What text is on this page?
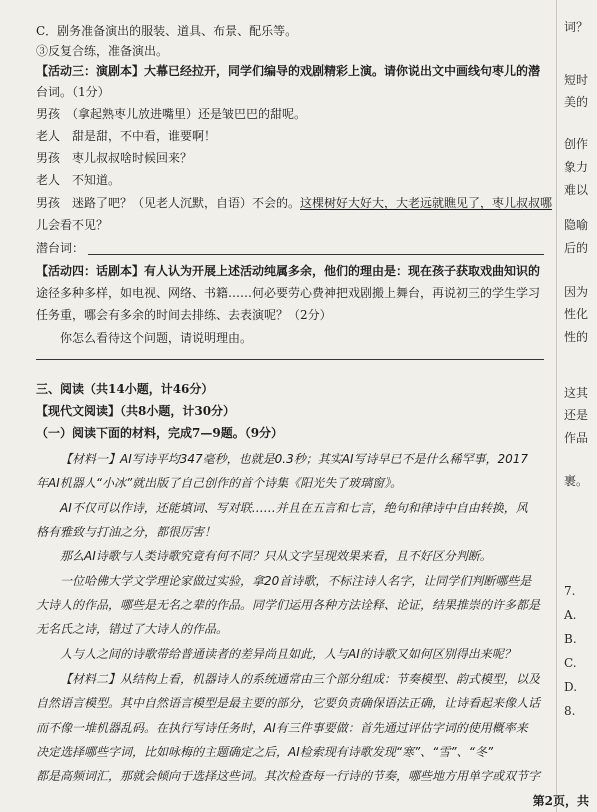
C．剧务准备演出的服装、道具、布景、配乐等。
③反复合练，准备演出。
【活动三：演剧本】大幕已经拉开，同学们编导的戏剧精彩上演。请你说出文中画线句枣儿的潜
台词。（1分）
男孩　（拿起熟枣儿放进嘴里）还是皱巴巴的甜呢。
老人　甜是甜，不中看，谁要啊！
男孩　枣儿叔叔啥时候回来？
老人　不知道。
男孩　迷路了吧？（见老人沉默，自语）不会的。这棵树好大好大，大老远就瞧见了，枣儿叔叔哪
儿会看不见？
潜台词：
【活动四：话剧本】有人认为开展上述活动纯属多余，他们的理由是：现在孩子获取戏曲知识的
途径多种多样，如电视、网络、书籍……何必要劳心费神把戏剧搬上舞台，再说初三的学生学习
任务重，哪会有多余的时间去排练、去表演呢？（2分）
你怎么看待这个问题，请说明理由。
三、阅读（共14小题，计46分）
【现代文阅读】（共8小题，计30分）
（一）阅读下面的材料，完成7—9题。（9分）
【材料一】AI写诗平均347毫秒，也就是0.3秒；其实AI写诗早已不是什么稀罕事，2017
年AI机器人“小冰”就出版了自己创作的首个诗集《阳光失了玻璃窗》。
AI不仅可以作诗，还能填词、写对联……并且在五言和七言，绝句和律诗中自由转换，风
格有雅致与打油之分，都很厉害！
那么AI诗歌与人类诗歌究竟有何不同？只从文字呈现效果来看，且不好区分判断。
一位哈佛大学文学理论家做过实验，拿20首诗歌，不标注诗人名字，让同学们判断哪些是
大诗人的作品，哪些是无名之辈的作品。同学们运用各种方法诠释、论证，结果推崇的许多都是
无名氏之诗，错过了大诗人的作品。
人与人之间的诗歌带给普通读者的差异尚且如此，人与AI的诗歌又如何区别得出来呢？
【材料二】从结构上看，机器诗人的系统通常由三个部分组成：节奏模型、韵式模型，以及
自然语言模型。其中自然语言模型是最主要的部分，它要负责确保语法正确，让诗看起来像人话
而不像一堆机器乱码。在执行写诗任务时，AI有三件事要做：首先通过评估字词的使用概率来
决定选择哪些字词，比如咏梅的主题确定之后，AI检索现有诗歌发现“寒”、“雪”、“冬”
都是高频词汇，那就会倾向于选择这些词。其次检查每一行诗的节奏，哪些地方用单字或双节字
词？
短时
美的
创作
象力
难以
隐喻
后的
因为
性化
性的
这其
还是
作品
裹。
7.
A.
B.
C.
D.
8.
第2页，共
